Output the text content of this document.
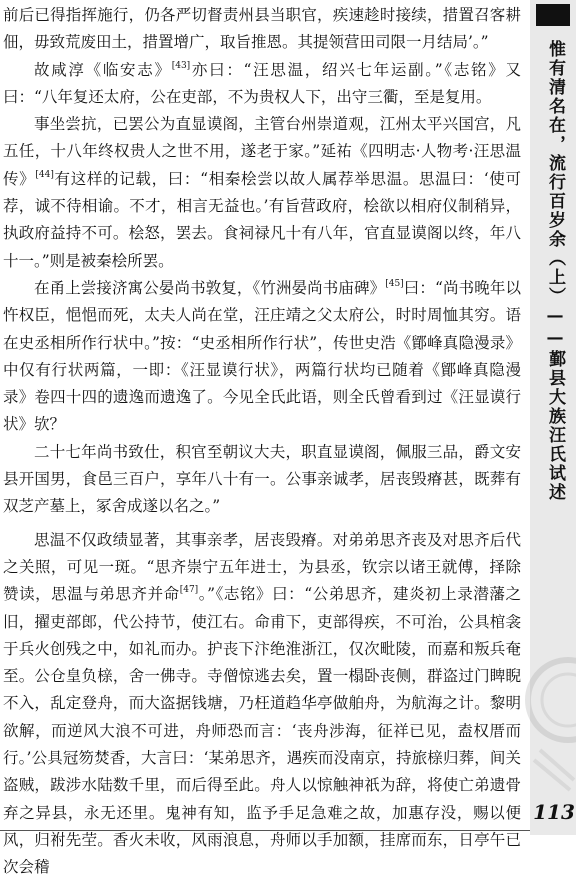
前后已得指挥施行，仍各严切督责州县当职官，疾速趁时接续，措置召客耕佃，毋致荒废田土，措置增广，取旨推恩。其提领营田司限一月结局’。”

故咸淳《临安志》[43]亦曰：“汪思温，绍兴七年运副。”《志铭》又曰：“八年复还太府，公在吏部，不为贵权人下，出守三衢，至是复用。

事坐尝抗，已罢公为直显谟阁，主管台州崇道观，江州太平兴国宫，凡五任，十八年终权贵人之世不用，遂老于家。”延祐《四明志·人物考·汪思温传》[44]有这样的记载，曰：“相秦桧尝以故人属荐举思温。思温曰：‘使可荐，诚不待相谕。不才，相言无益也。’有旨营政府，桧欲以相府仪制稍异，执政府益持不可。桧怒，罢去。食祠禄凡十有八年，官直显谟阁以终，年八十一。”则是被秦桧所罢。

在甬上尝接济寓公晏尚书敦复，《竹洲晏尚书庙碑》[45]曰：“尚书晚年以忤权臣，悒悒而死，太夫人尚在堂，汪庄靖之父太府公，时时周恤其穷。语在史丞相所作行状中。”按：“史丞相所作行状”，传世史浩《鄮峰真隐漫录》中仅有行状两篇，一即：《汪显谟行状》，两篇行状均已随着《鄮峰真隐漫录》卷四十四的遗逸而遗逸了。今见全氏此语，则全氏曾看到过《汪显谟行状》欤？

二十七年尚书致仕，积官至朝议大夫，职直显谟阁，佩服三品，爵文安县开国男，食邑三百户，享年八十有一。公事亲诚孝，居丧毁瘠甚，既葬有双芝产墓上，冢舍成遂以名之。”

思温不仅政绩显著，其事亲孝，居丧毁瘠。对弟弟思齐丧及对思齐后代之关照，可见一斑。“思齐崇宁五年进士，为县丞，钦宗以诸王就傅，择除赞读，思温与弟思齐并命[47]。”《志铭》曰：“公弟思齐，建炎初上录潜藩之旧，擢吏部郎，代公持节，使江右。命甫下，吏部得疾，不可治，公具棺衾于兵火创残之中，如礼而办。护丧下汴绝淮浙江，仅次毗陵，而嘉和叛兵奄至。公仓皇负榇，舍一佛寺。寺僧惊逃去矣，置一榻卧丧侧，群盗过门睥睨不入，乱定登舟，而大盗据钱塘，乃枉道趋华亭做舶舟，为航海之计。黎明欲解，而逆风大浪不可进，舟师恐而言：‘丧舟涉海，征祥已见，盍权厝而行。’公具冠笏焚香，大言曰：‘某弟思齐，遇疾而没南京，持旅榇归葬，间关盗贼，跋涉水陆数千里，而后得至此。舟人以惊触神祇为辞，将使亡弟遗骨弃之异县，永无还里。鬼神有知，监予手足急难之故，加惠存没，赐以便风，归祔先茔。香火未收，风雨浪息，舟师以手加额，挂席而东，日亭午已次会稽

惟有清名在，流行百岁余（上）——鄞县大族汪氏试述
113
